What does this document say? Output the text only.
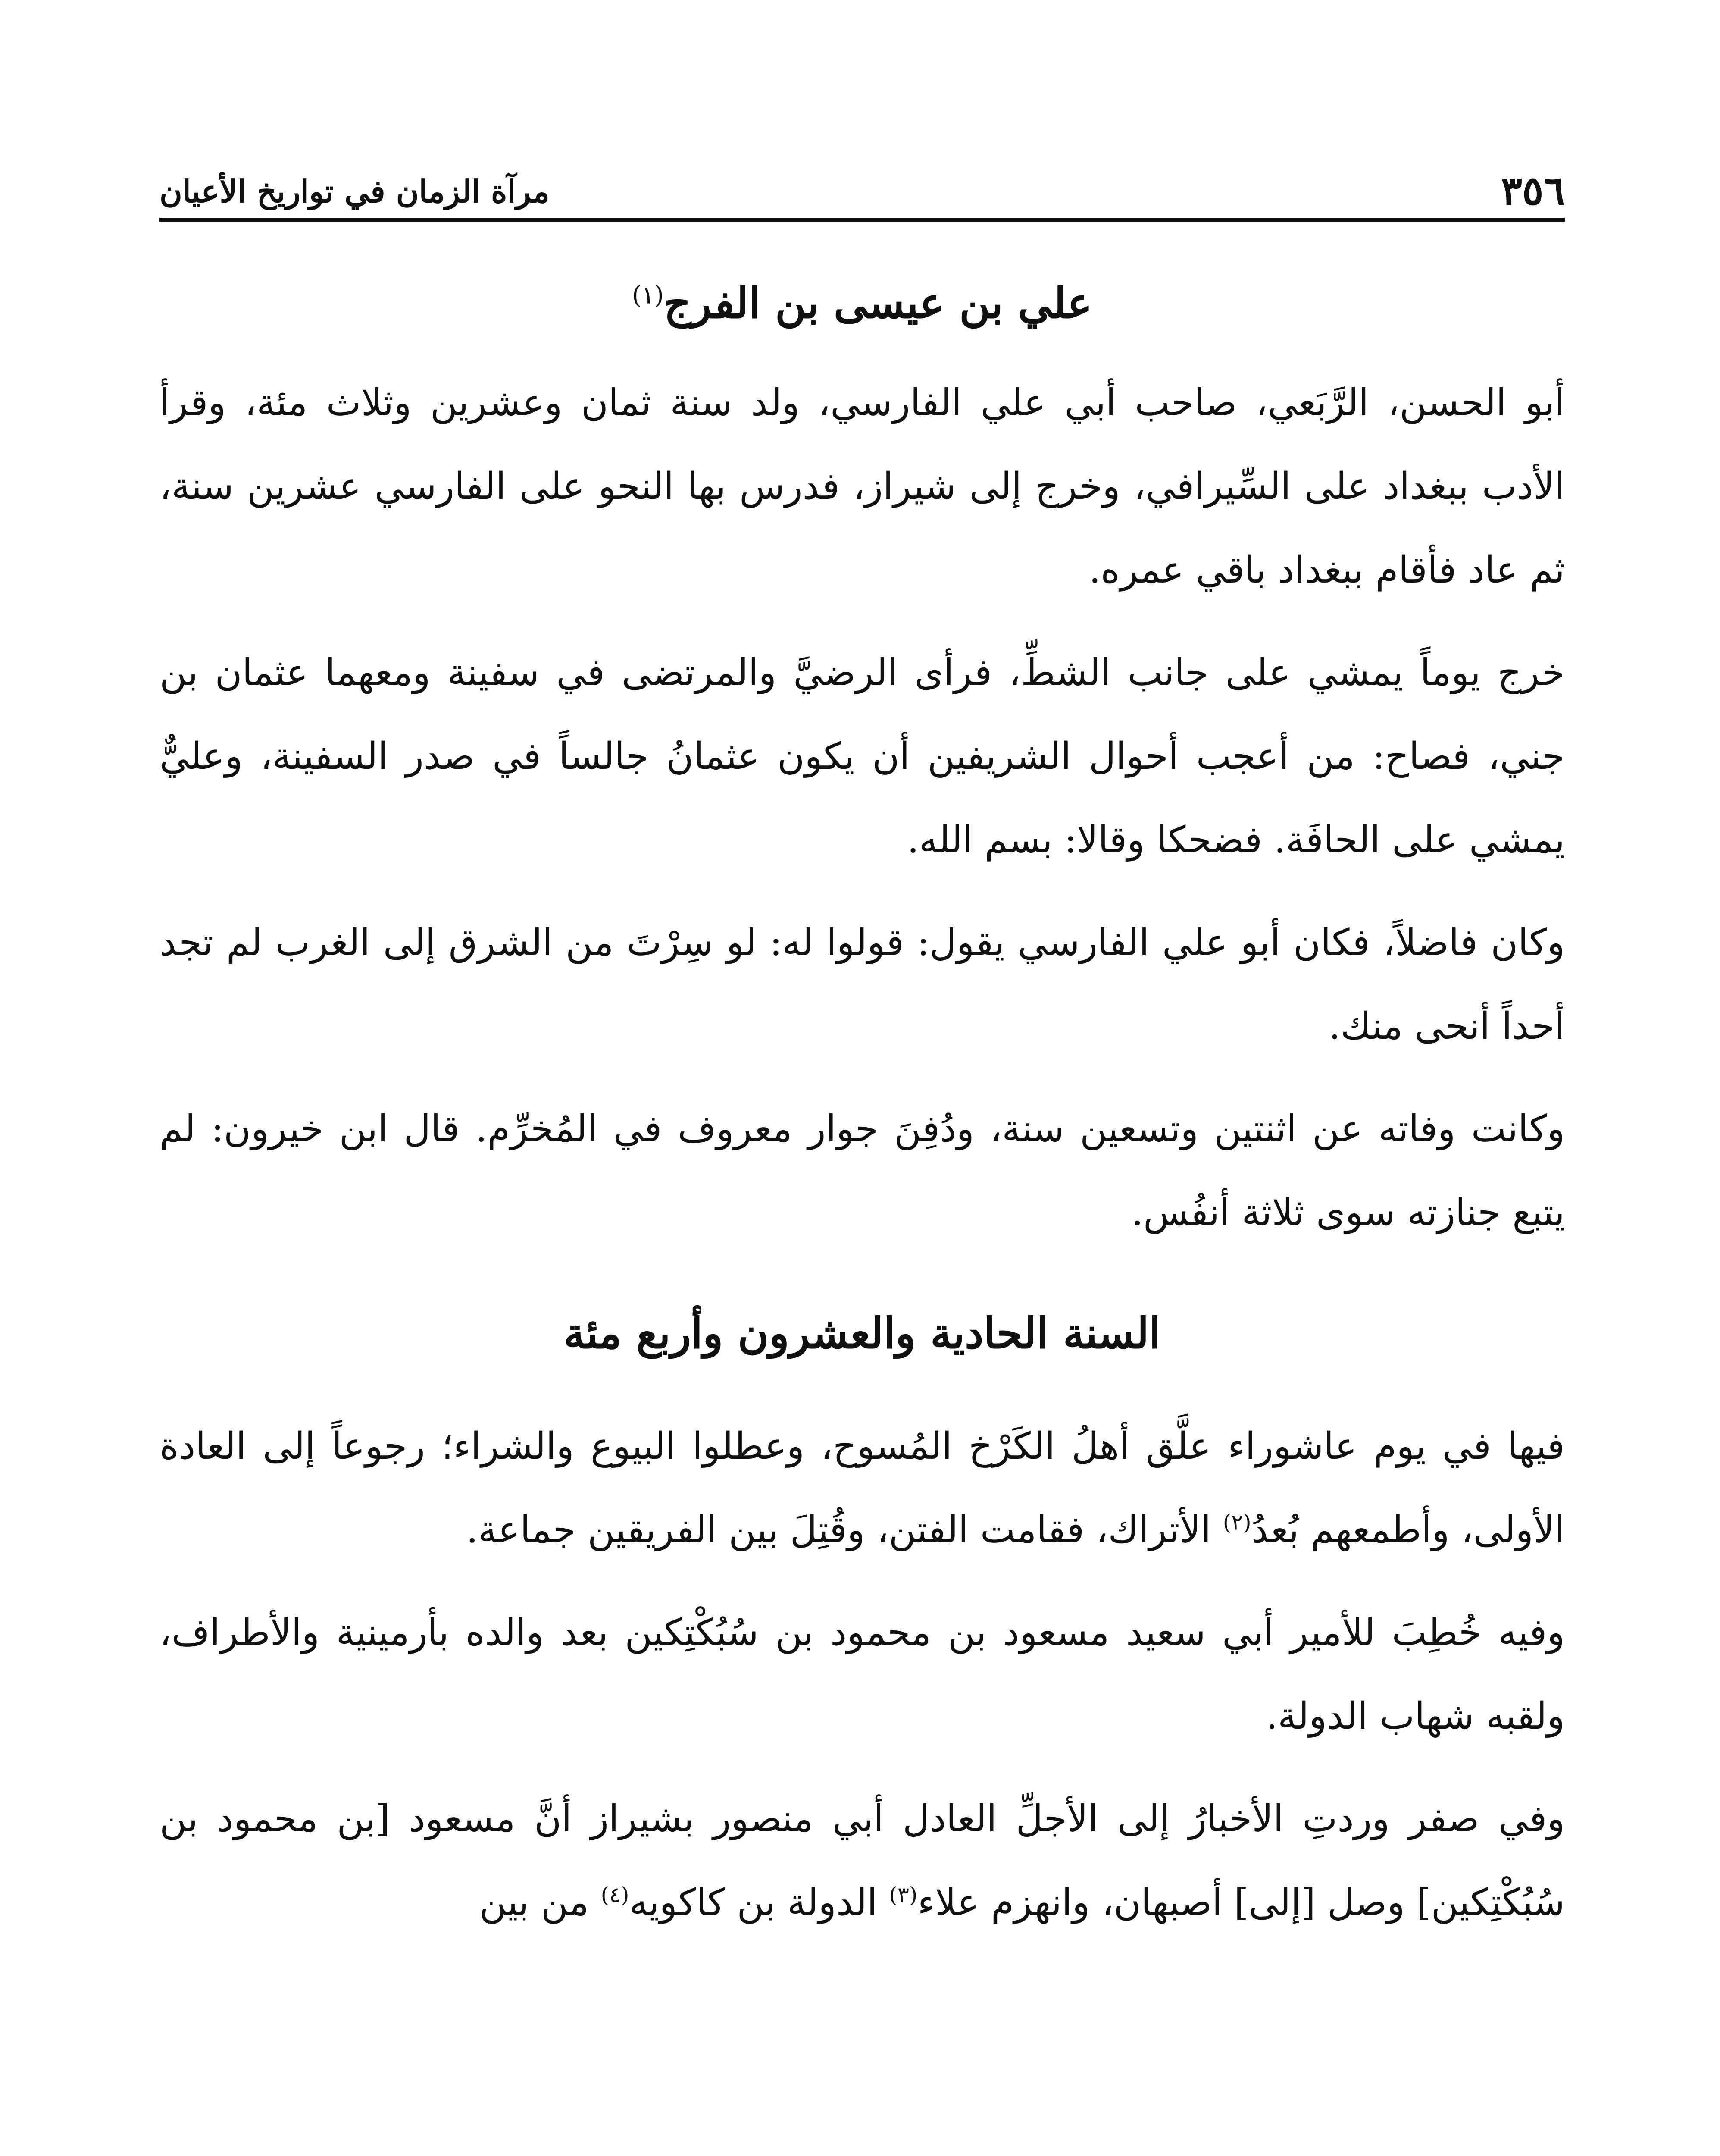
٣٥٦
مرآة الزمان في تواريخ الأعيان
علي بن عيسى بن الفرج$^{(١)}$

أبو الحسن، الرَّبَعي، صاحب أبي علي الفارسي، ولد سنة ثمان وعشرين وثلاث مئة، وقرأ الأدب ببغداد على السِّيرافي، وخرج إلى شيراز، فدرس بها النحو على الفارسي عشرين سنة، ثم عاد فأقام ببغداد باقي عمره.

خرج يوماً يمشي على جانب الشطِّ، فرأى الرضيَّ والمرتضى في سفينة ومعهما عثمان بن جني، فصاح: من أعجب أحوال الشريفين أن يكون عثمانُ جالساً في صدر السفينة، وعليٌّ يمشي على الحافَة. فضحكا وقالا: بسم الله.

وكان فاضلاً، فكان أبو علي الفارسي يقول: قولوا له: لو سِرْتَ من الشرق إلى الغرب لم تجد أحداً أنحى منك.

وكانت وفاته عن اثنتين وتسعين سنة، ودُفِنَ جوار معروف في المُخرِّم. قال ابن خيرون: لم يتبع جنازته سوى ثلاثة أنفُس.

السنة الحادية والعشرون وأربع مئة

فيها في يوم عاشوراء علَّق أهلُ الكَرْخ المُسوح، وعطلوا البيوع والشراء؛ رجوعاً إلى العادة الأولى، وأطمعهم بُعدُ$^{(٢)}$ الأتراك، فقامت الفتن، وقُتِلَ بين الفريقين جماعة.

وفيه خُطِبَ للأمير أبي سعيد مسعود بن محمود بن سُبُكْتِكين بعد والده بأرمينية والأطراف، ولقبه شهاب الدولة.

وفي صفر وردتِ الأخبارُ إلى الأجلِّ العادل أبي منصور بشيراز أنَّ مسعود [بن محمود بن سُبُكْتِكين] وصل [إلى] أصبهان، وانهزم علاء$^{(٣)}$ الدولة بن كاكويه$^{(٤)}$ من بين
